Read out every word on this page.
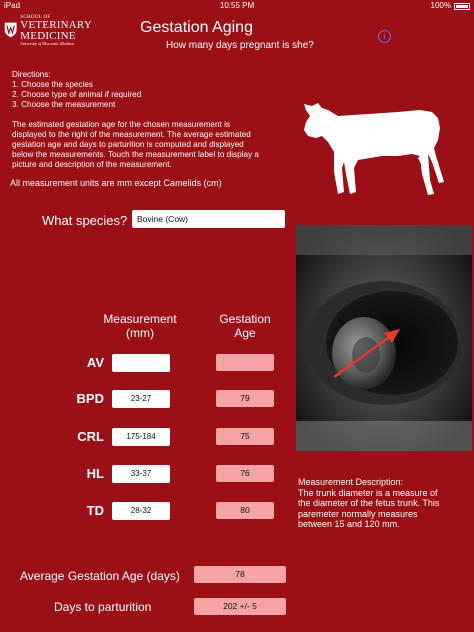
iPad	10:55 PM	100%
SCHOOL OF
VETERINARY MEDICINE
University of Wisconsin–Madison
Gestation Aging
How many days pregnant is she?
i
Directions:
1. Choose the species
2. Choose type of animal if required
3. Choose the measurement
The estimated gestation age for the chosen measurement is
displayed to the right of the measurement. The average estimated
gestation age and days to parturition is computed and displayed
below the measurements. Touch the measurement label to display a
picture and description of the measurement.
All measurement units are mm except Camelids (cm)
What species?	Bovine (Cow)
Measurement
(mm)
Gestation
Age
AV
BPD	23-27	79
CRL	175-184	75
HL	33-37	76
TD	28-32	80
Measurement Description:
The trunk diameter is a measure of
the diameter of the fetus trunk. This
paremeter normally measures
between 15 and 120 mm.
Average Gestation Age (days)	78
Days to parturition	202 +/- 5
